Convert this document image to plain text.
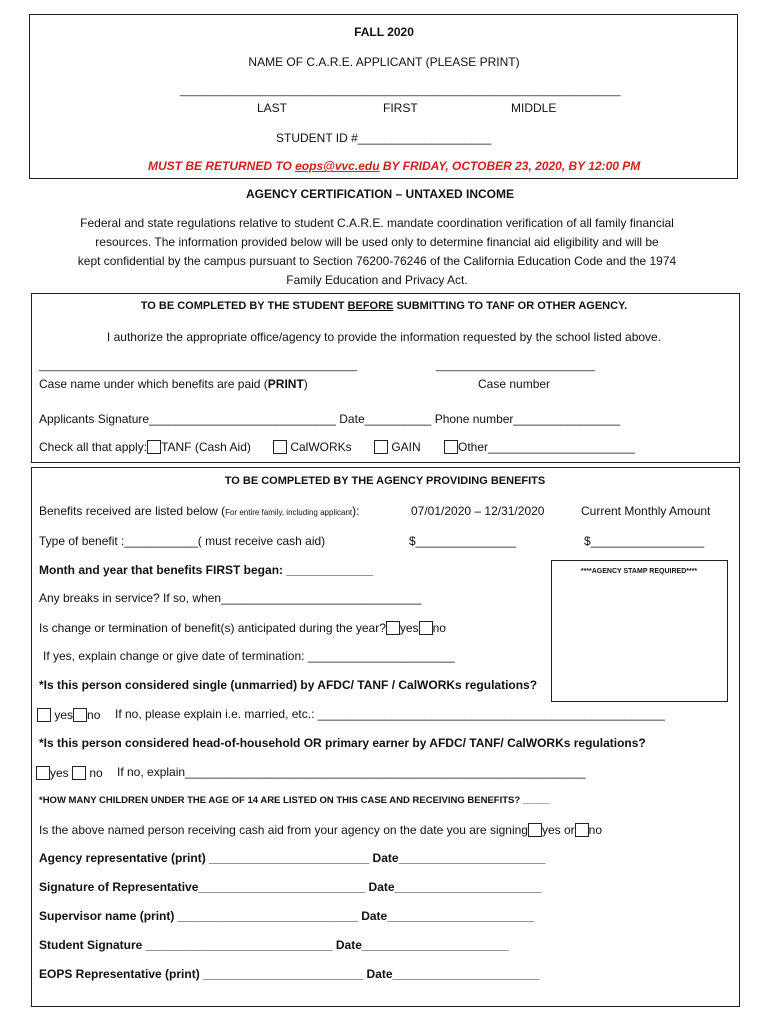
FALL 2020
NAME OF C.A.R.E. APPLICANT (PLEASE PRINT)
________________________________________________________________________
LAST	FIRST	MIDDLE
STUDENT ID #____________________
MUST BE RETURNED TO eops@vvc.edu BY FRIDAY, OCTOBER 23, 2020, BY 12:00 PM
AGENCY CERTIFICATION – UNTAXED INCOME
Federal and state regulations relative to student C.A.R.E. mandate coordination verification of all family financial
resources. The information provided below will be used only to determine financial aid eligibility and will be
kept confidential by the campus pursuant to Section 76200-76246 of the California Education Code and the 1974
Family Education and Privacy Act.
TO BE COMPLETED BY THE STUDENT BEFORE SUBMITTING TO TANF OR OTHER AGENCY.
I authorize the appropriate office/agency to provide the information requested by the school listed above.
____________________________________________________	__________________________
Case name under which benefits are paid (PRINT)	Case number
Applicants Signature____________________________ Date__________ Phone number________________
Check all that apply: TANF (Cash Aid)	CalWORKs	GAIN	Other______________________
TO BE COMPLETED BY THE AGENCY PROVIDING BENEFITS
Benefits received are listed below (For entire family, including applicant):	07/01/2020 – 12/31/2020	Current Monthly Amount
Type of benefit :___________( must receive cash aid)	$_______________	$_________________
Month and year that benefits FIRST began: _____________	****AGENCY STAMP REQUIRED****
Any breaks in service? If so, when______________________________
Is change or termination of benefit(s) anticipated during the year? yes no
If yes, explain change or give date of termination: ______________________
*Is this person considered single (unmarried) by AFDC/ TANF / CalWORKs regulations?
yes no If no, please explain i.e. married, etc.: ____________________________________________________
*Is this person considered head-of-household OR primary earner by AFDC/ TANF/ CalWORKs regulations?
yes no If no, explain____________________________________________________________
*HOW MANY CHILDREN UNDER THE AGE OF 14 ARE LISTED ON THIS CASE AND RECEIVING BENEFITS? _____
Is the above named person receiving cash aid from your agency on the date you are signing yes or no
Agency representative (print) ________________________ Date______________________
Signature of Representative_________________________ Date______________________
Supervisor name (print) ___________________________ Date______________________
Student Signature ____________________________ Date______________________
EOPS Representative (print) ________________________ Date______________________
